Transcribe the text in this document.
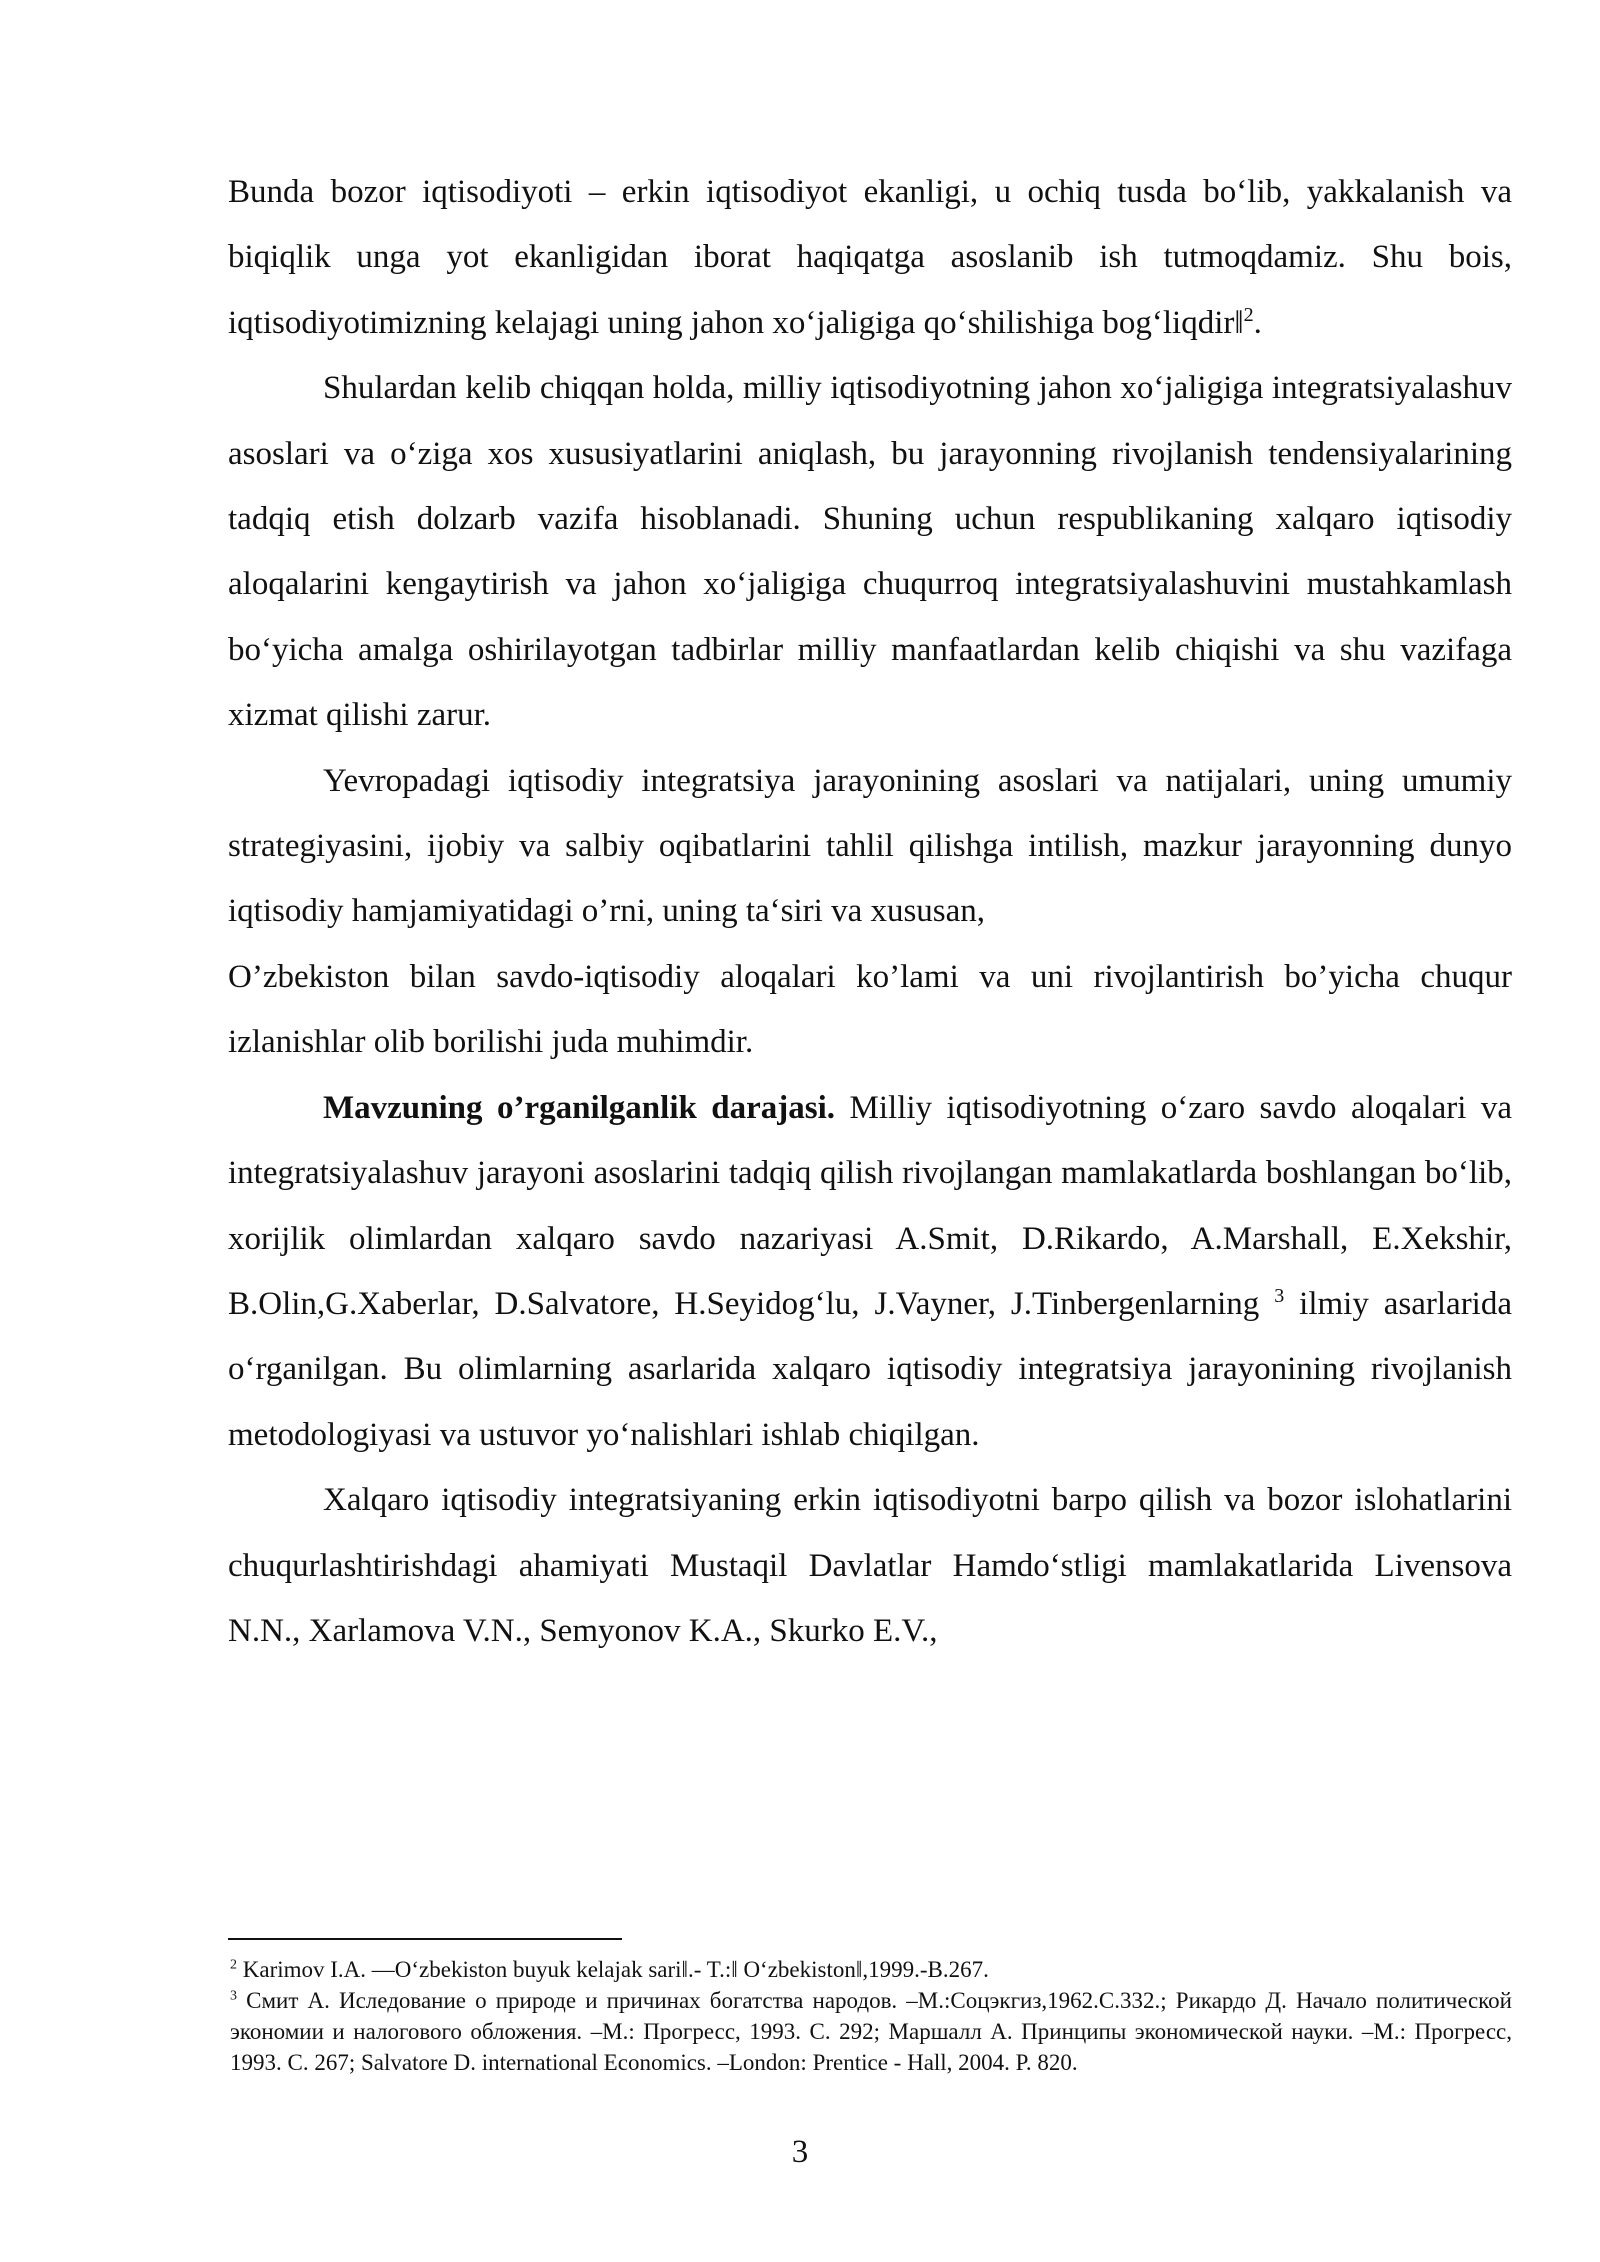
Bunda bozor iqtisodiyoti – erkin iqtisodiyot ekanligi, u ochiq tusda bo‘lib, yakkalanish va biqiqlik unga yot ekanligidan iborat haqiqatga asoslanib ish tutmoqdamiz. Shu bois, iqtisodiyotimizning kelajagi uning jahon xo‘jaligiga qo‘shilishiga bog‘liqdir‖$^2$.

Shulardan kelib chiqqan holda, milliy iqtisodiyotning jahon xo‘jaligiga integratsiyalashuv asoslari va o‘ziga xos xususiyatlarini aniqlash, bu jarayonning rivojlanish tendensiyalarining tadqiq etish dolzarb vazifa hisoblanadi. Shuning uchun respublikaning xalqaro iqtisodiy aloqalarini kengaytirish va jahon xo‘jaligiga chuqurroq integratsiyalashuvini mustahkamlash bo‘yicha amalga oshirilayotgan tadbirlar milliy manfaatlardan kelib chiqishi va shu vazifaga xizmat qilishi zarur.

Yevropadagi iqtisodiy integratsiya jarayonining asoslari va natijalari, uning umumiy strategiyasini, ijobiy va salbiy oqibatlarini tahlil qilishga intilish, mazkur jarayonning dunyo iqtisodiy hamjamiyatidagi o’rni, uning ta‘siri va xususan,
O’zbekiston bilan savdo-iqtisodiy aloqalari ko’lami va uni rivojlantirish bo’yicha chuqur izlanishlar olib borilishi juda muhimdir.

Mavzuning o’rganilganlik darajasi. Milliy iqtisodiyotning o‘zaro savdo aloqalari va integratsiyalashuv jarayoni asoslarini tadqiq qilish rivojlangan mamlakatlarda boshlangan bo‘lib, xorijlik olimlardan xalqaro savdo nazariyasi A.Smit, D.Rikardo, A.Marshall, E.Xekshir, B.Olin,G.Xaberlar, D.Salvatore, H.Seyidog‘lu, J.Vayner, J.Tinbergenlarning $^3$ ilmiy asarlarida o‘rganilgan. Bu olimlarning asarlarida xalqaro iqtisodiy integratsiya jarayonining rivojlanish metodologiyasi va ustuvor yo‘nalishlari ishlab chiqilgan.

Xalqaro iqtisodiy integratsiyaning erkin iqtisodiyotni barpo qilish va bozor islohatlarini chuqurlashtirishdagi ahamiyati Mustaqil Davlatlar Hamdo‘stligi mamlakatlarida Livensova N.N., Xarlamova V.N., Semyonov K.A., Skurko E.V.,

$^2$ Karimov I.A. —O‘zbekiston buyuk kelajak sari‖.- T.:‖ O‘zbekiston‖,1999.-B.267.

$^3$ Смит А. Иследование о природе и причинах богатства народов. –М.:Соцэкгиз,1962.С.332.; Рикардо Д. Начало политической экономии и налогового обложения. –М.: Прогресс, 1993. С. 292; Маршалл А. Принципы экономической науки. –М.: Прогресс, 1993. С. 267; Salvatore D. international Economics. –London: Prentice - Hall, 2004. P. 820.

3
